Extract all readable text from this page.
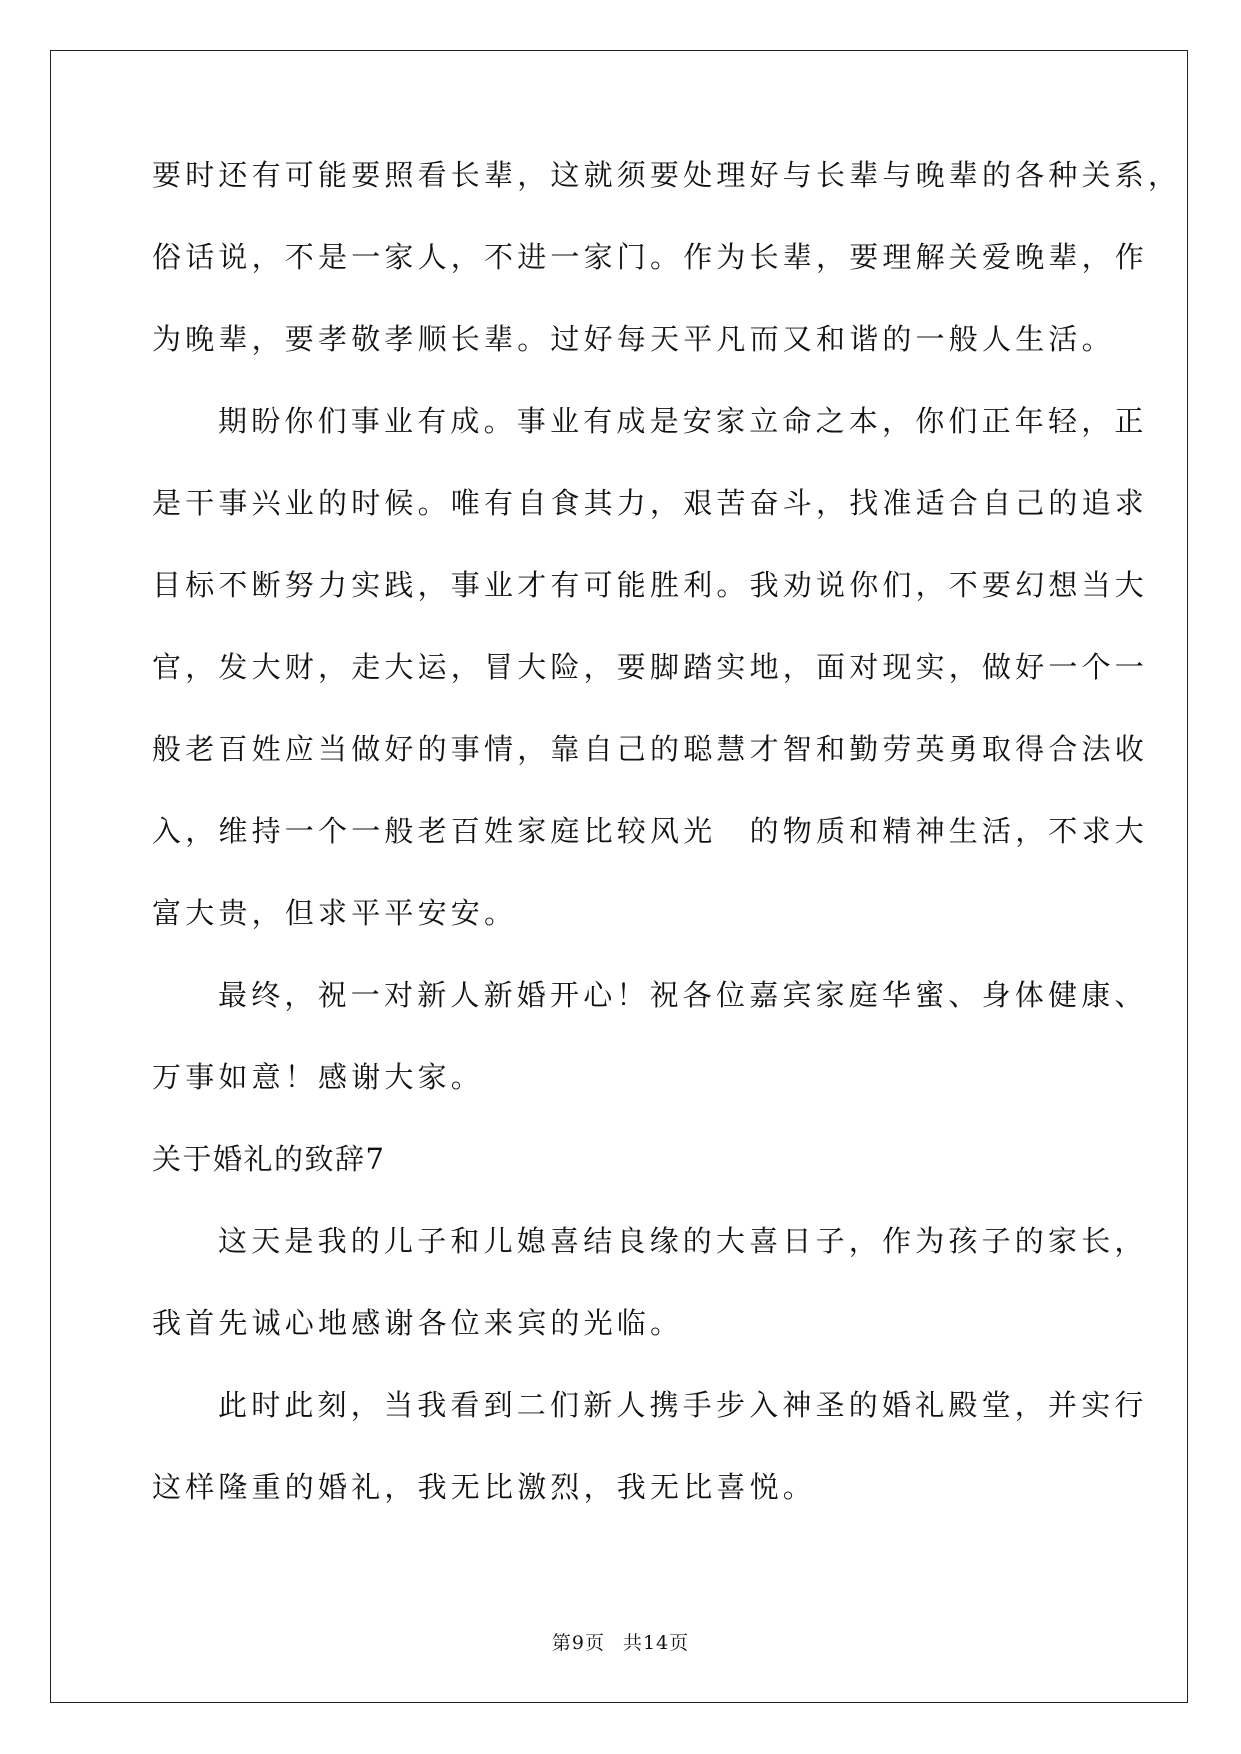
要时还有可能要照看长辈，这就须要处理好与长辈与晚辈的各种关系，
俗话说，不是一家人，不进一家门。作为长辈，要理解关爱晚辈，作
为晚辈，要孝敬孝顺长辈。过好每天平凡而又和谐的一般人生活。
期盼你们事业有成。事业有成是安家立命之本，你们正年轻，正
是干事兴业的时候。唯有自食其力，艰苦奋斗，找准适合自己的追求
目标不断努力实践，事业才有可能胜利。我劝说你们，不要幻想当大
官，发大财，走大运，冒大险，要脚踏实地，面对现实，做好一个一
般老百姓应当做好的事情，靠自己的聪慧才智和勤劳英勇取得合法收
入，维持一个一般老百姓家庭比较风光　的物质和精神生活，不求大
富大贵，但求平平安安。
最终，祝一对新人新婚开心！祝各位嘉宾家庭华蜜、身体健康、
万事如意！感谢大家。
关于婚礼的致辞7
这天是我的儿子和儿媳喜结良缘的大喜日子，作为孩子的家长，
我首先诚心地感谢各位来宾的光临。
此时此刻，当我看到二们新人携手步入神圣的婚礼殿堂，并实行
这样隆重的婚礼，我无比激烈，我无比喜悦。
第9页 共14页
